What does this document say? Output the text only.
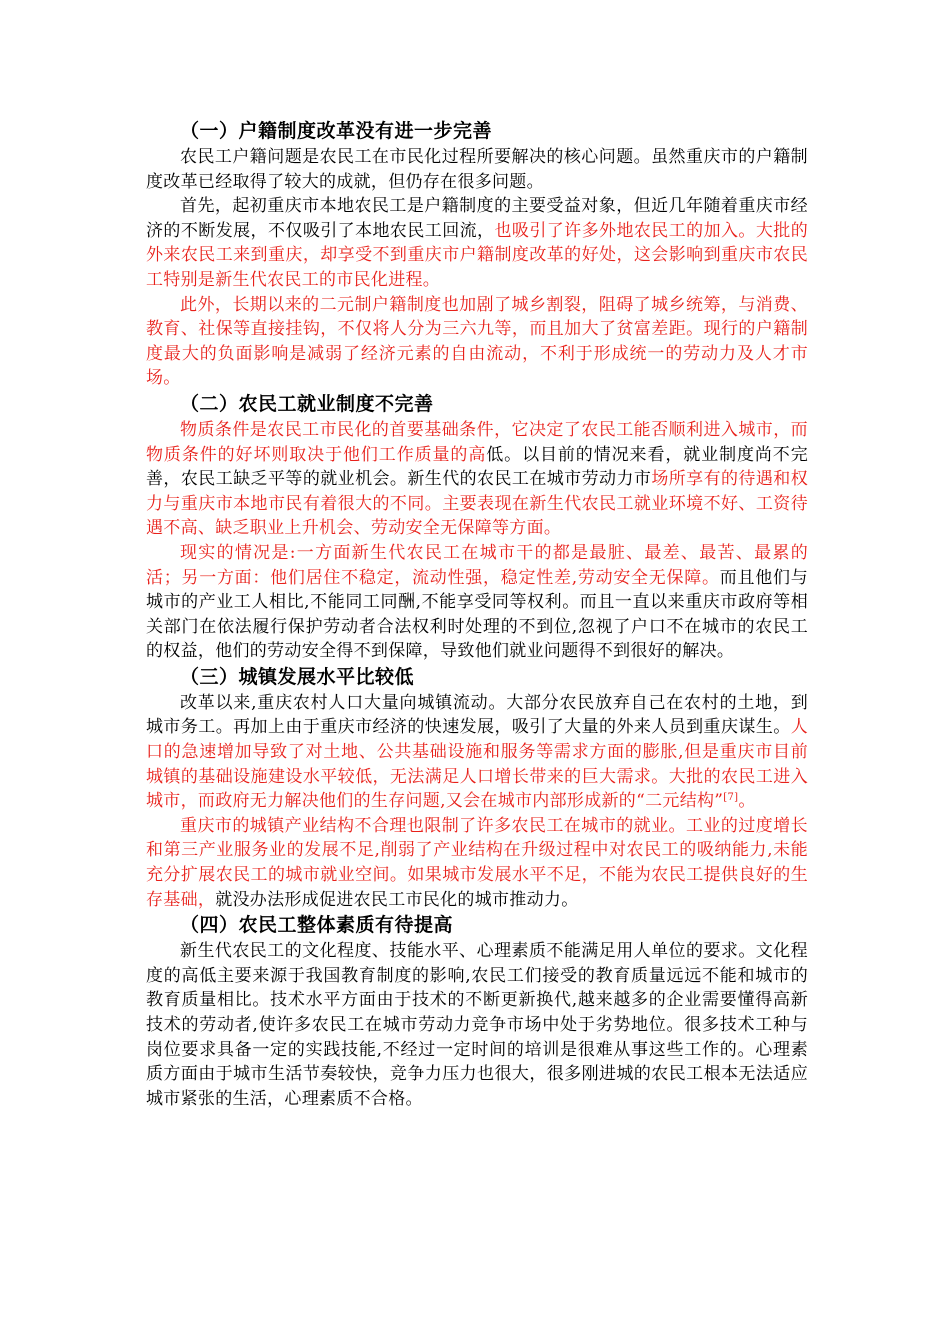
（一）户籍制度改革没有进一步完善

农民工户籍问题是农民工在市民化过程所要解决的核心问题。虽然重庆市的户籍制度改革已经取得了较大的成就，但仍存在很多问题。

首先，起初重庆市本地农民工是户籍制度的主要受益对象，但近几年随着重庆市经济的不断发展，不仅吸引了本地农民工回流，也吸引了许多外地农民工的加入。大批的外来农民工来到重庆，却享受不到重庆市户籍制度改革的好处，这会影响到重庆市农民工特别是新生代农民工的市民化进程。

此外，长期以来的二元制户籍制度也加剧了城乡割裂，阻碍了城乡统筹，与消费、教育、社保等直接挂钩，不仅将人分为三六九等，而且加大了贫富差距。现行的户籍制度最大的负面影响是减弱了经济元素的自由流动，不利于形成统一的劳动力及人才市场。

（二）农民工就业制度不完善

物质条件是农民工市民化的首要基础条件，它决定了农民工能否顺利进入城市，而物质条件的好坏则取决于他们工作质量的高低。以目前的情况来看，就业制度尚不完善，农民工缺乏平等的就业机会。新生代的农民工在城市劳动力市场所享有的待遇和权力与重庆市本地市民有着很大的不同。主要表现在新生代农民工就业环境不好、工资待遇不高、缺乏职业上升机会、劳动安全无保障等方面。

现实的情况是:一方面新生代农民工在城市干的都是最脏、最差、最苦、最累的活；另一方面：他们居住不稳定，流动性强，稳定性差,劳动安全无保障。而且他们与城市的产业工人相比,不能同工同酬,不能享受同等权利。而且一直以来重庆市政府等相关部门在依法履行保护劳动者合法权利时处理的不到位,忽视了户口不在城市的农民工的权益，他们的劳动安全得不到保障，导致他们就业问题得不到很好的解决。

（三）城镇发展水平比较低

改革以来,重庆农村人口大量向城镇流动。大部分农民放弃自己在农村的土地，到城市务工。再加上由于重庆市经济的快速发展，吸引了大量的外来人员到重庆谋生。人口的急速增加导致了对土地、公共基础设施和服务等需求方面的膨胀,但是重庆市目前城镇的基础设施建设水平较低，无法满足人口增长带来的巨大需求。大批的农民工进入城市，而政府无力解决他们的生存问题,又会在城市内部形成新的“二元结构”[7]。

重庆市的城镇产业结构不合理也限制了许多农民工在城市的就业。工业的过度增长和第三产业服务业的发展不足,削弱了产业结构在升级过程中对农民工的吸纳能力,未能充分扩展农民工的城市就业空间。如果城市发展水平不足，不能为农民工提供良好的生存基础，就没办法形成促进农民工市民化的城市推动力。

（四）农民工整体素质有待提高

新生代农民工的文化程度、技能水平、心理素质不能满足用人单位的要求。文化程度的高低主要来源于我国教育制度的影响,农民工们接受的教育质量远远不能和城市的教育质量相比。技术水平方面由于技术的不断更新换代,越来越多的企业需要懂得高新技术的劳动者,使许多农民工在城市劳动力竞争市场中处于劣势地位。很多技术工种与岗位要求具备一定的实践技能,不经过一定时间的培训是很难从事这些工作的。心理素质方面由于城市生活节奏较快，竞争力压力也很大，很多刚进城的农民工根本无法适应城市紧张的生活，心理素质不合格。
